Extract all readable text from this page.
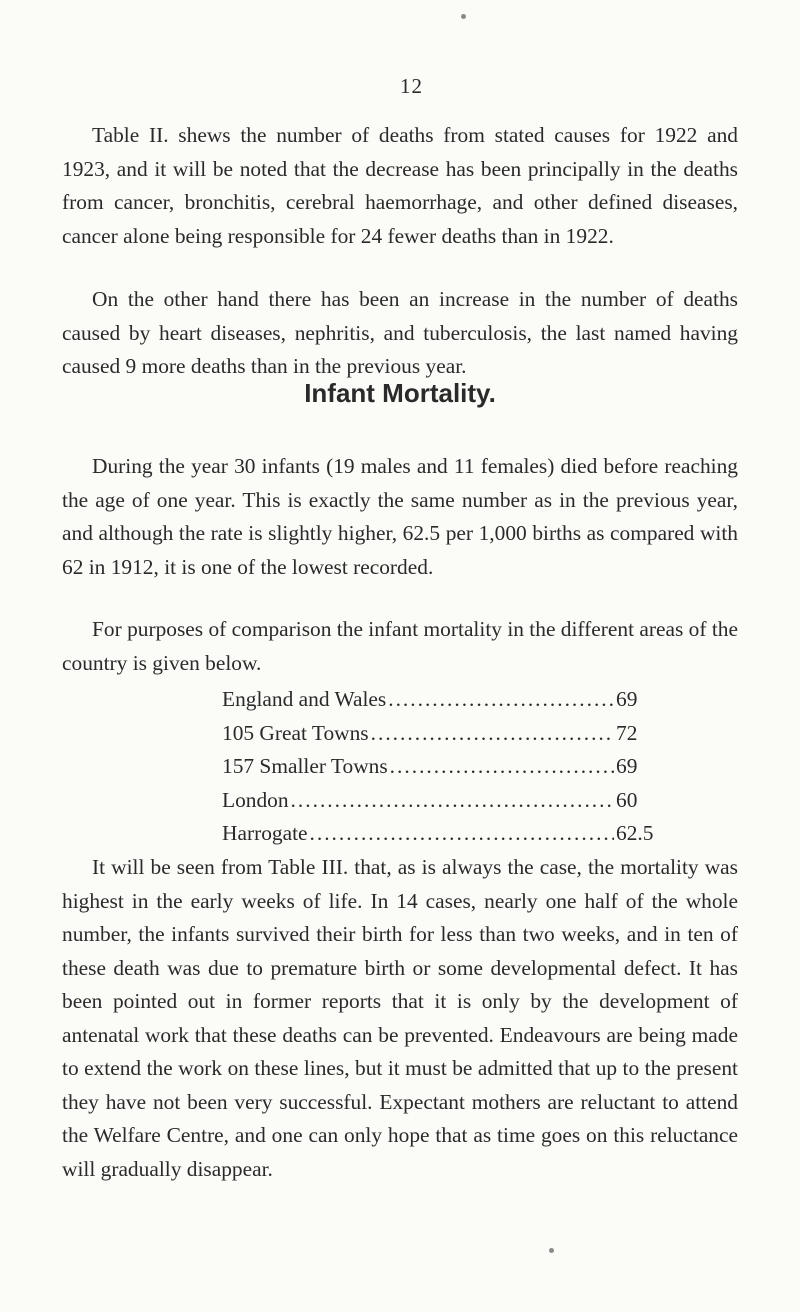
12

Table II. shews the number of deaths from stated causes for 1922 and 1923, and it will be noted that the decrease has been principally in the deaths from cancer, bronchitis, cerebral haemorrhage, and other defined diseases, cancer alone being responsible for 24 fewer deaths than in 1922.

On the other hand there has been an increase in the number of deaths caused by heart diseases, nephritis, and tuberculosis, the last named having caused 9 more deaths than in the previous year.

Infant Mortality.

During the year 30 infants (19 males and 11 females) died before reaching the age of one year. This is exactly the same number as in the previous year, and although the rate is slightly higher, 62.5 per 1,000 births as compared with 62 in 1912, it is one of the lowest recorded.

For purposes of comparison the infant mortality in the different areas of the country is given below.

England and Wales .....	69
105 Great Towns .....	72
157 Smaller Towns .....	69
London .....	60
Harrogate .....	62.5

It will be seen from Table III. that, as is always the case, the mortality was highest in the early weeks of life. In 14 cases, nearly one half of the whole number, the infants survived their birth for less than two weeks, and in ten of these death was due to premature birth or some developmental defect. It has been pointed out in former reports that it is only by the development of antenatal work that these deaths can be prevented. Endeavours are being made to extend the work on these lines, but it must be admitted that up to the present they have not been very successful. Expectant mothers are reluctant to attend the Welfare Centre, and one can only hope that as time goes on this reluctance will gradually disappear.
